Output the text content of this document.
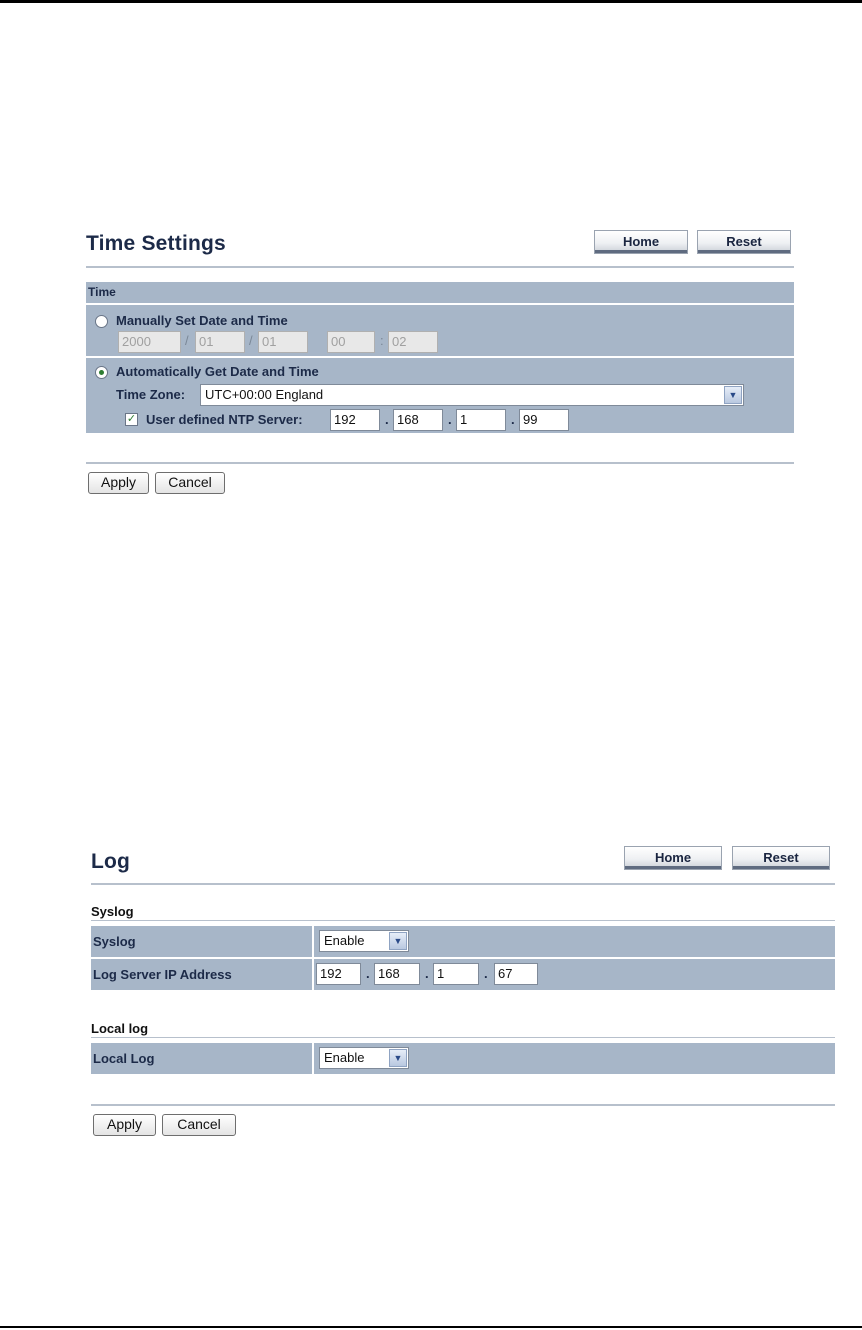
Time Settings	Home	Reset
Time
Manually Set Date and Time
2000	/ 01	/ 01	00	: 02
Automatically Get Date and Time
Time Zone:	UTC+00:00 England	▼
✓ User defined NTP Server:	192	. 168	. 1	. 99
Apply	Cancel
Log	Home	Reset
Syslog
Syslog	Enable	▼
Log Server IP Address	192	. 168	. 1	. 67
Local log
Local Log	Enable	▼
Apply	Cancel
